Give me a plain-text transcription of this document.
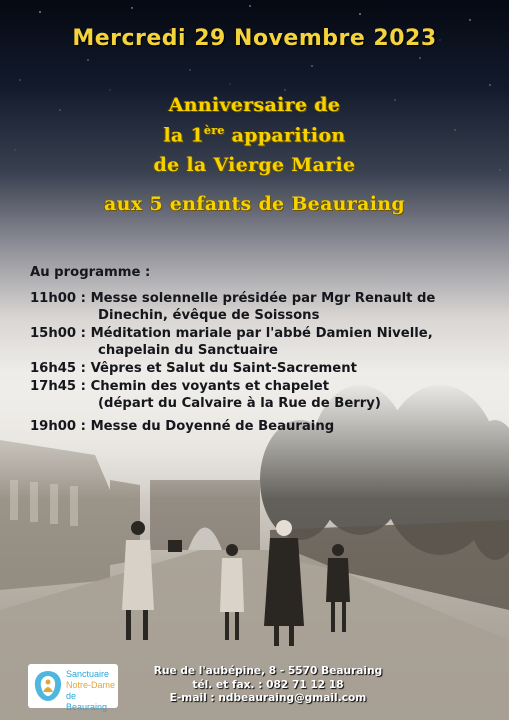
Mercredi 29 Novembre 2023
Anniversaire de
la 1ère apparition
de la Vierge Marie
aux 5 enfants de Beauraing
Au programme :
11h00 : Messe solennelle présidée par Mgr Renault de
Dinechin, évêque de Soissons
15h00 : Méditation mariale par l'abbé Damien Nivelle,
chapelain du Sanctuaire
16h45 : Vêpres et Salut du Saint-Sacrement
17h45 : Chemin des voyants et chapelet
(départ du Calvaire à la Rue de Berry)
19h00 : Messe du Doyenné de Beauraing
Sanctuaire
Notre-Dame
de Beauraing
Rue de l'aubépine, 8 - 5570 Beauraing
tél. et fax. : 082 71 12 18
E-mail : ndbeauraing@gmail.com
